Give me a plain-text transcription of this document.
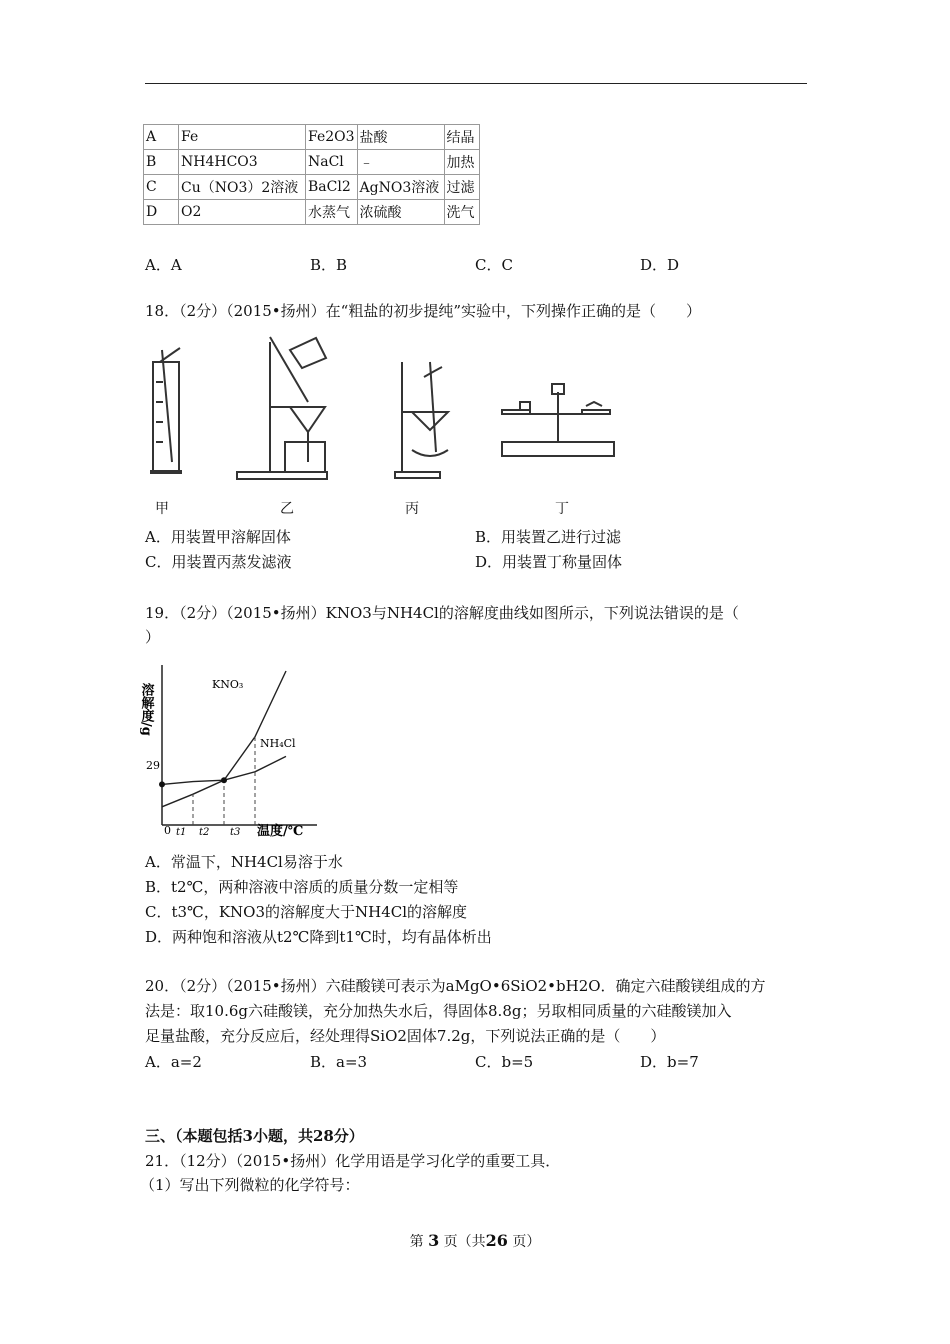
A	Fe	Fe2O3	盐酸	结晶
B	NH4HCO3	NaCl	﹣	加热
C	Cu（NO3）2溶液	BaCl2	AgNO3溶液	过滤
D	O2	水蒸气	浓硫酸	洗气
A．A	B．B	C．C	D．D
18．（2分）（2015•扬州）在“粗盐的初步提纯”实验中，下列操作正确的是（　　）
甲	乙	丙	丁
A．用装置甲溶解固体	B．用装置乙进行过滤
C．用装置丙蒸发滤液	D．用装置丁称量固体
19．（2分）（2015•扬州）KNO3与NH4Cl的溶解度曲线如图所示，下列说法错误的是（
）
溶解度/g
0
29
温度/℃
t1 t2 t3
KNO₃
NH₄Cl
A．常温下，NH4Cl易溶于水
B．t2℃，两种溶液中溶质的质量分数一定相等
C．t3℃，KNO3的溶解度大于NH4Cl的溶解度
D．两种饱和溶液从t2℃降到t1℃时，均有晶体析出
20．（2分）（2015•扬州）六硅酸镁可表示为aMgO•6SiO2•bH2O．确定六硅酸镁组成的方
法是：取10.6g六硅酸镁，充分加热失水后，得固体8.8g；另取相同质量的六硅酸镁加入
足量盐酸，充分反应后，经处理得SiO2固体7.2g，下列说法正确的是（　　）
A．a=2	B．a=3	C．b=5	D．b=7
三、（本题包括3小题，共28分）
21．（12分）（2015•扬州）化学用语是学习化学的重要工具．
（1）写出下列微粒的化学符号：
第 3 页（共26 页）
